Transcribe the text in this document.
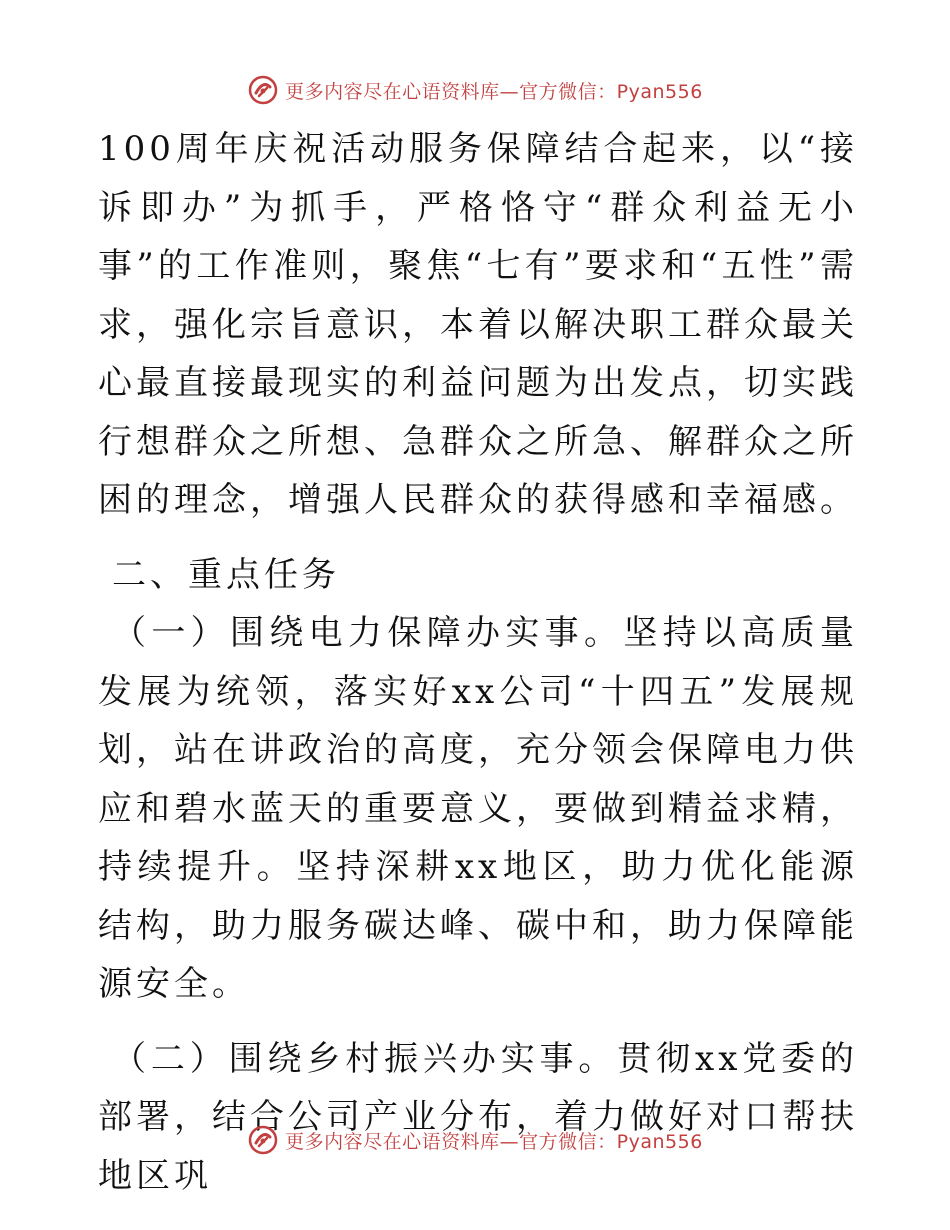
更多内容尽在心语资料库—官方微信：Pyan556

100周年庆祝活动服务保障结合起来，以“接诉即办”为抓手，严格恪守“群众利益无小事”的工作准则，聚焦“七有”要求和“五性”需求，强化宗旨意识，本着以解决职工群众最关心最直接最现实的利益问题为出发点，切实践行想群众之所想、急群众之所急、解群众之所困的理念，增强人民群众的获得感和幸福感。

二、重点任务

（一）围绕电力保障办实事。坚持以高质量发展为统领，落实好xx公司“十四五”发展规划，站在讲政治的高度，充分领会保障电力供应和碧水蓝天的重要意义，要做到精益求精，持续提升。坚持深耕xx地区，助力优化能源结构，助力服务碳达峰、碳中和，助力保障能源安全。

（二）围绕乡村振兴办实事。贯彻xx党委的部署，结合公司产业分布，着力做好对口帮扶地区巩

更多内容尽在心语资料库—官方微信：Pyan556
